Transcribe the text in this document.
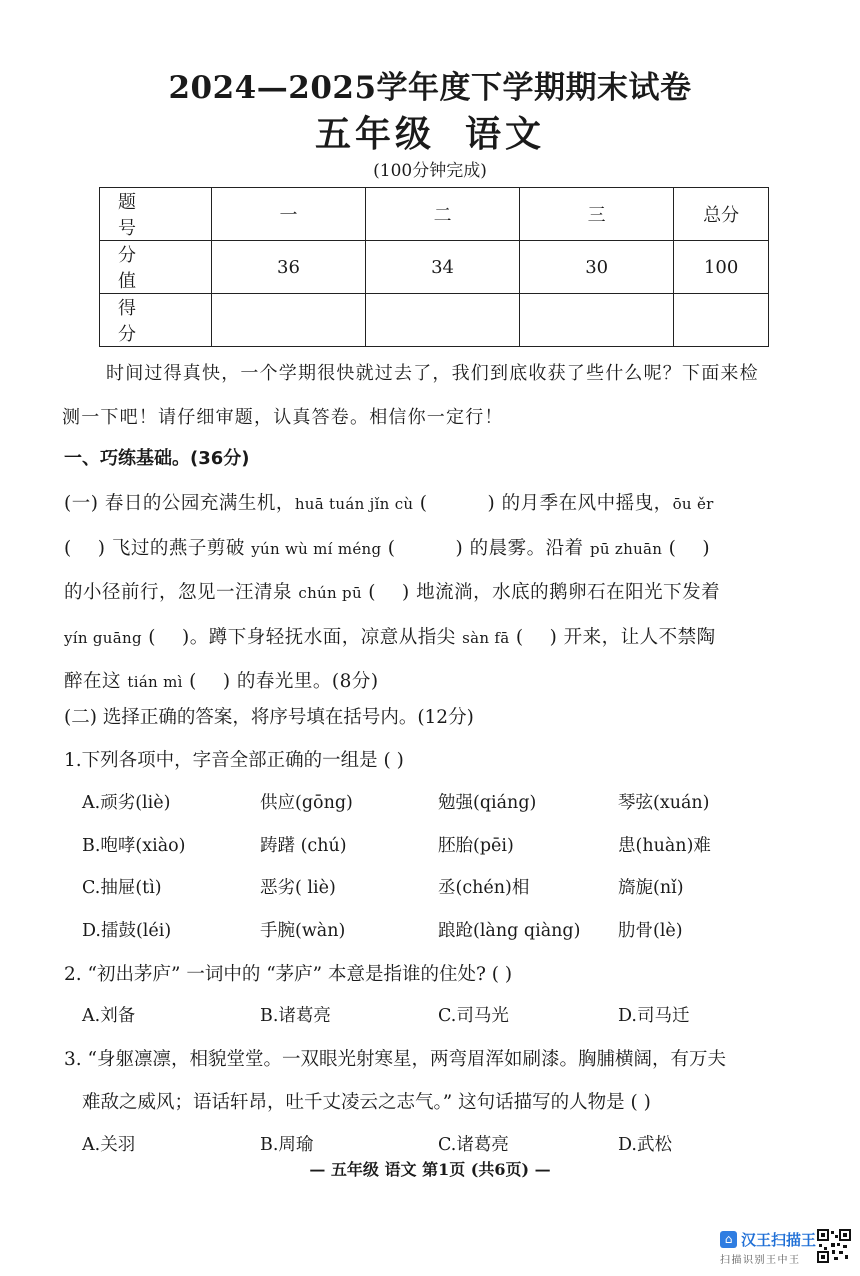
2024—2025学年度下学期期末试卷
五年级 语文
(100分钟完成)
题 号	一	二	三	总分
分 值	36	34	30	100
得 分				
时间过得真快，一个学期很快就过去了，我们到底收获了些什么呢？下面来检
测一下吧！请仔细审题，认真答卷。相信你一定行！
一、巧练基础。(36分)
(一) 春日的公园充满生机，huā tuán jǐn cù (	) 的月季在风中摇曳，ōu ěr
( ) 飞过的燕子剪破 yún wù mí méng (	) 的晨雾。沿着 pū zhuān ( )
的小径前行，忽见一汪清泉 chún pū ( ) 地流淌，水底的鹅卵石在阳光下发着
yín guāng ( )。蹲下身轻抚水面，凉意从指尖 sàn fā ( ) 开来，让人不禁陶
醉在这 tián mì ( ) 的春光里。(8分)
(二) 选择正确的答案，将序号填在括号内。(12分)
1.下列各项中，字音全部正确的一组是 ( )
A.顽劣(liè)	供应(gōng)	勉强(qiáng)	琴弦(xuán)
B.咆哮(xiào)	踌躇 (chú)	胚胎(pēi)	患(huàn)难
C.抽屉(tì)	恶劣( liè)	丞(chén)相	旖旎(nǐ)
D.擂鼓(léi)	手腕(wàn)	踉跄(làng qiàng) 肋骨(lè)
2. “初出茅庐” 一词中的 “茅庐” 本意是指谁的住处? ( )
A.刘备	B.诸葛亮	C.司马光	D.司马迁
3. “身躯凛凛，相貌堂堂。一双眼光射寒星，两弯眉浑如刷漆。胸脯横阔，有万夫
难敌之威风；语话轩昂，吐千丈凌云之志气。” 这句话描写的人物是 ( )
A.关羽	B.周瑜	C.诸葛亮	D.武松
— 五年级 语文 第1页 (共6页) —
⌂ 汉王扫描王
扫描识别王中王
